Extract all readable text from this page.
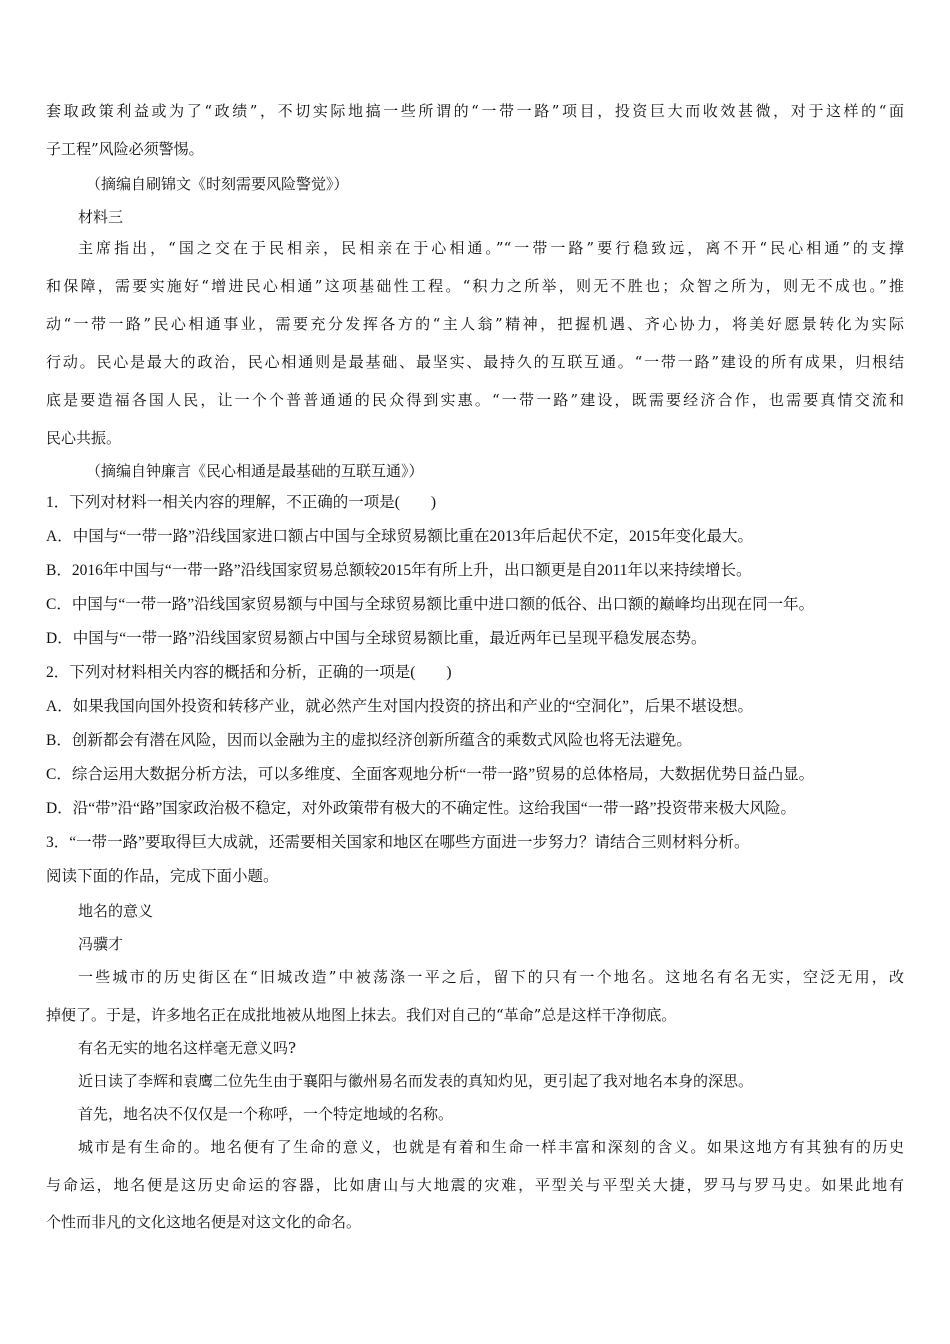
套取政策利益或为了“政绩”，不切实际地搞一些所谓的“一带一路”项目，投资巨大而收效甚微，对于这样的“面
子工程”风险必须警惕。
（摘编自刷锦文《时刻需要风险警觉》）
材料三
主席指出，“国之交在于民相亲，民相亲在于心相通。”“一带一路”要行稳致远，离不开“民心相通”的支撑
和保障，需要实施好“增进民心相通”这项基础性工程。“积力之所举，则无不胜也；众智之所为，则无不成也。”推
动“一带一路”民心相通事业，需要充分发挥各方的“主人翁”精神，把握机遇、齐心协力，将美好愿景转化为实际
行动。民心是最大的政治，民心相通则是最基础、最坚实、最持久的互联互通。“一带一路”建设的所有成果，归根结
底是要造福各国人民，让一个个普普通通的民众得到实惠。“一带一路”建设，既需要经济合作，也需要真情交流和
民心共振。
（摘编自钟廉言《民心相通是最基础的互联互通》）
1．下列对材料一相关内容的理解，不正确的一项是(　　)
A．中国与“一带一路”沿线国家进口额占中国与全球贸易额比重在2013年后起伏不定，2015年变化最大。
B．2016年中国与“一带一路”沿线国家贸易总额较2015年有所上升，出口额更是自2011年以来持续增长。
C．中国与“一带一路”沿线国家贸易额与中国与全球贸易额比重中进口额的低谷、出口额的巅峰均出现在同一年。
D．中国与“一带一路”沿线国家贸易额占中国与全球贸易额比重，最近两年已呈现平稳发展态势。
2．下列对材料相关内容的概括和分析，正确的一项是(　　)
A．如果我国向国外投资和转移产业，就必然产生对国内投资的挤出和产业的“空洞化”，后果不堪设想。
B．创新都会有潜在风险，因而以金融为主的虚拟经济创新所蕴含的乘数式风险也将无法避免。
C．综合运用大数据分析方法，可以多维度、全面客观地分析“一带一路”贸易的总体格局，大数据优势日益凸显。
D．沿“带”沿“路”国家政治极不稳定，对外政策带有极大的不确定性。这给我国“一带一路”投资带来极大风险。
3．“一带一路”要取得巨大成就，还需要相关国家和地区在哪些方面进一步努力？请结合三则材料分析。
阅读下面的作品，完成下面小题。
地名的意义
冯骥才
一些城市的历史街区在“旧城改造”中被荡涤一平之后，留下的只有一个地名。这地名有名无实，空泛无用，改
掉便了。于是，许多地名正在成批地被从地图上抹去。我们对自己的“革命”总是这样干净彻底。
有名无实的地名这样毫无意义吗?
近日读了李辉和袁鹰二位先生由于襄阳与徽州易名而发表的真知灼见，更引起了我对地名本身的深思。
首先，地名决不仅仅是一个称呼，一个特定地域的名称。
城市是有生命的。地名便有了生命的意义，也就是有着和生命一样丰富和深刻的含义。如果这地方有其独有的历史
与命运，地名便是这历史命运的容器，比如唐山与大地震的灾难，平型关与平型关大捷，罗马与罗马史。如果此地有
个性而非凡的文化这地名便是对这文化的命名。
